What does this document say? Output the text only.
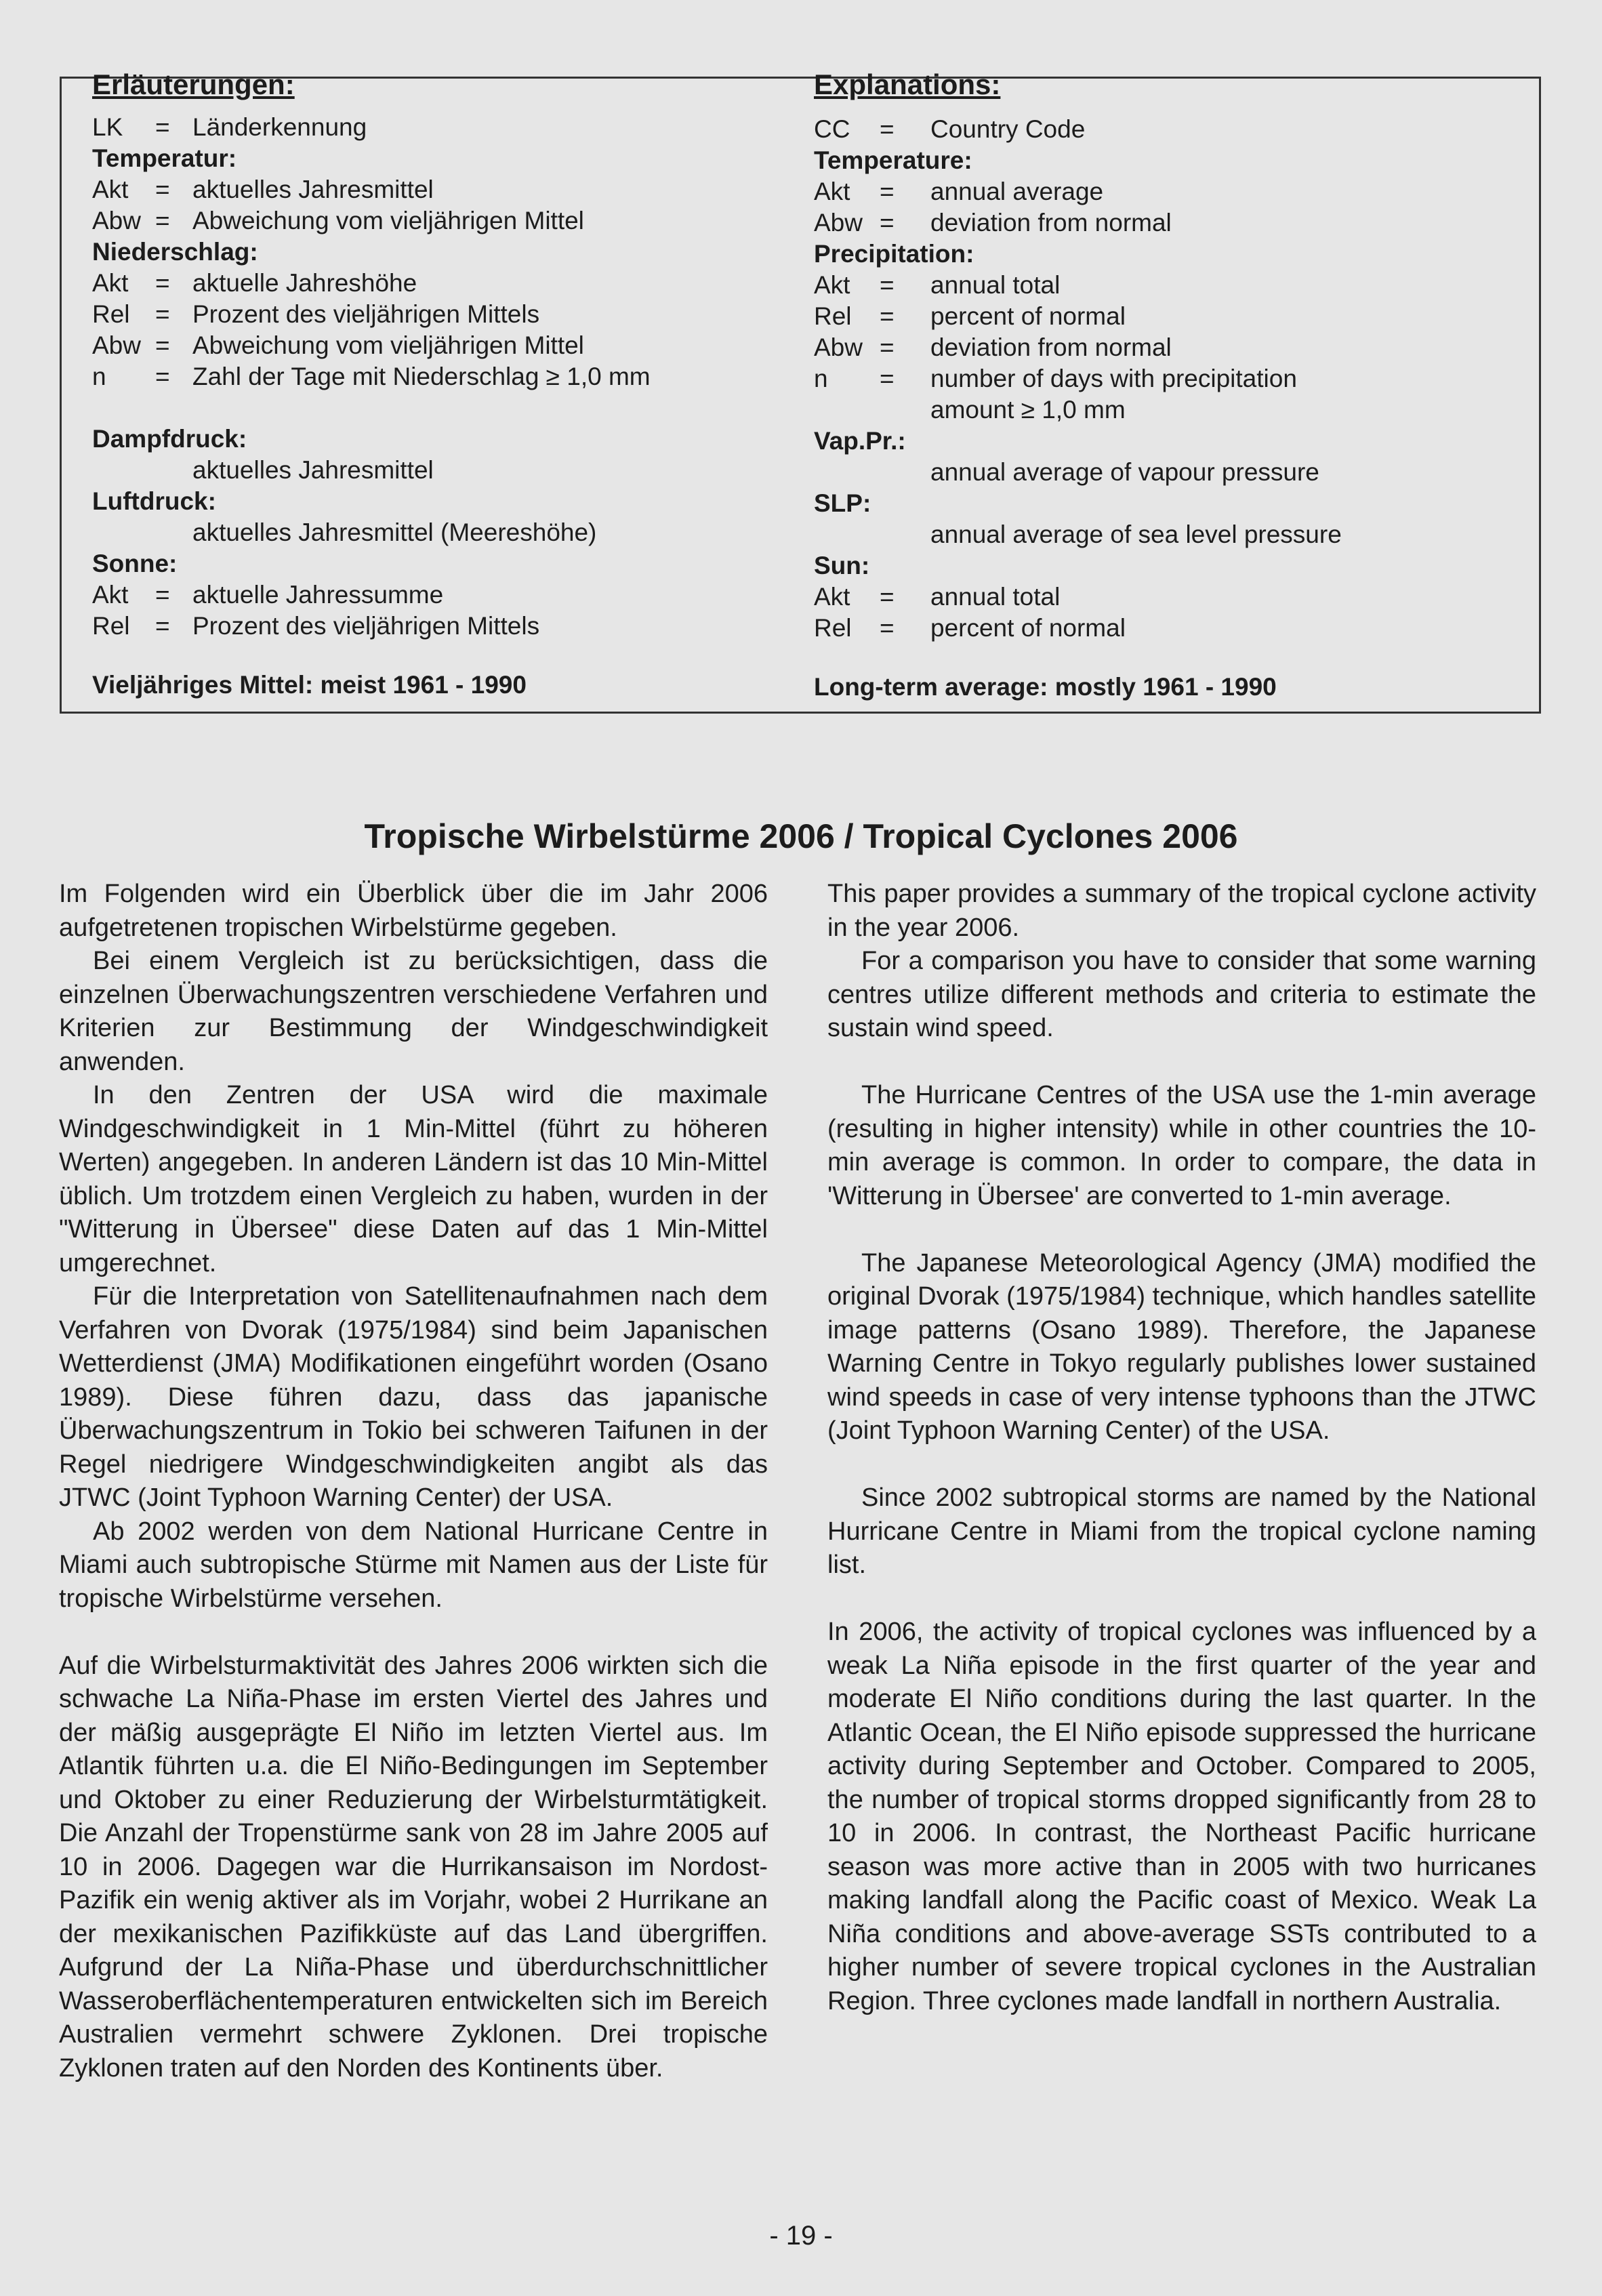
Erläuterungen:
LK = Länderkennung
Temperatur:
Akt = aktuelles Jahresmittel
Abw = Abweichung vom vieljährigen Mittel
Niederschlag:
Akt = aktuelle Jahreshöhe
Rel = Prozent des vieljährigen Mittels
Abw = Abweichung vom vieljährigen Mittel
n = Zahl der Tage mit Niederschlag ≥ 1,0 mm
Dampfdruck:
aktuelles Jahresmittel
Luftdruck:
aktuelles Jahresmittel (Meereshöhe)
Sonne:
Akt = aktuelle Jahressumme
Rel = Prozent des vieljährigen Mittels
Vieljähriges Mittel: meist 1961 - 1990
Explanations:
CC = Country Code
Temperature:
Akt = annual average
Abw = deviation from normal
Precipitation:
Akt = annual total
Rel = percent of normal
Abw = deviation from normal
n = number of days with precipitation
amount ≥ 1,0 mm
Vap.Pr.:
annual average of vapour pressure
SLP:
annual average of sea level pressure
Sun:
Akt = annual total
Rel = percent of normal
Long-term average: mostly 1961 - 1990
Tropische Wirbelstürme 2006 / Tropical Cyclones 2006

Im Folgenden wird ein Überblick über die im Jahr 2006 aufgetretenen tropischen Wirbelstürme gegeben.

Bei einem Vergleich ist zu berücksichtigen, dass die einzelnen Überwachungszentren verschiedene Verfahren und Kriterien zur Bestimmung der Windgeschwindigkeit anwenden.

In den Zentren der USA wird die maximale Windgeschwindigkeit in 1 Min-Mittel (führt zu höheren Werten) angegeben. In anderen Ländern ist das 10 Min-Mittel üblich. Um trotzdem einen Vergleich zu haben, wurden in der "Witterung in Übersee" diese Daten auf das 1 Min-Mittel umgerechnet.

Für die Interpretation von Satellitenaufnahmen nach dem Verfahren von Dvorak (1975/1984) sind beim Japanischen Wetterdienst (JMA) Modifikationen eingeführt worden (Osano 1989). Diese führen dazu, dass das japanische Überwachungszentrum in Tokio bei schweren Taifunen in der Regel niedrigere Windgeschwindigkeiten angibt als das JTWC (Joint Typhoon Warning Center) der USA.

Ab 2002 werden von dem National Hurricane Centre in Miami auch subtropische Stürme mit Namen aus der Liste für tropische Wirbelstürme versehen.

Auf die Wirbelsturmaktivität des Jahres 2006 wirkten sich die schwache La Niña-Phase im ersten Viertel des Jahres und der mäßig ausgeprägte El Niño im letzten Viertel aus. Im Atlantik führten u.a. die El Niño-Bedingungen im September und Oktober zu einer Reduzierung der Wirbelsturmtätigkeit. Die Anzahl der Tropenstürme sank von 28 im Jahre 2005 auf 10 in 2006. Dagegen war die Hurrikansaison im Nordost-Pazifik ein wenig aktiver als im Vorjahr, wobei 2 Hurrikane an der mexikanischen Pazifikküste auf das Land übergriffen. Aufgrund der La Niña-Phase und überdurchschnittlicher Wasseroberflächentemperaturen entwickelten sich im Bereich Australien vermehrt schwere Zyklonen. Drei tropische Zyklonen traten auf den Norden des Kontinents über.

This paper provides a summary of the tropical cyclone activity in the year 2006.

For a comparison you have to consider that some warning centres utilize different methods and criteria to estimate the sustain wind speed.

The Hurricane Centres of the USA use the 1-min average (resulting in higher intensity) while in other countries the 10-min average is common. In order to compare, the data in 'Witterung in Übersee' are converted to 1-min average.

The Japanese Meteorological Agency (JMA) modified the original Dvorak (1975/1984) technique, which handles satellite image patterns (Osano 1989). Therefore, the Japanese Warning Centre in Tokyo regularly publishes lower sustained wind speeds in case of very intense typhoons than the JTWC (Joint Typhoon Warning Center) of the USA.

Since 2002 subtropical storms are named by the National Hurricane Centre in Miami from the tropical cyclone naming list.

In 2006, the activity of tropical cyclones was influenced by a weak La Niña episode in the first quarter of the year and moderate El Niño conditions during the last quarter. In the Atlantic Ocean, the El Niño episode suppressed the hurricane activity during September and October. Compared to 2005, the number of tropical storms dropped significantly from 28 to 10 in 2006. In contrast, the Northeast Pacific hurricane season was more active than in 2005 with two hurricanes making landfall along the Pacific coast of Mexico. Weak La Niña conditions and above-average SSTs contributed to a higher number of severe tropical cyclones in the Australian Region. Three cyclones made landfall in northern Australia.

- 19 -
